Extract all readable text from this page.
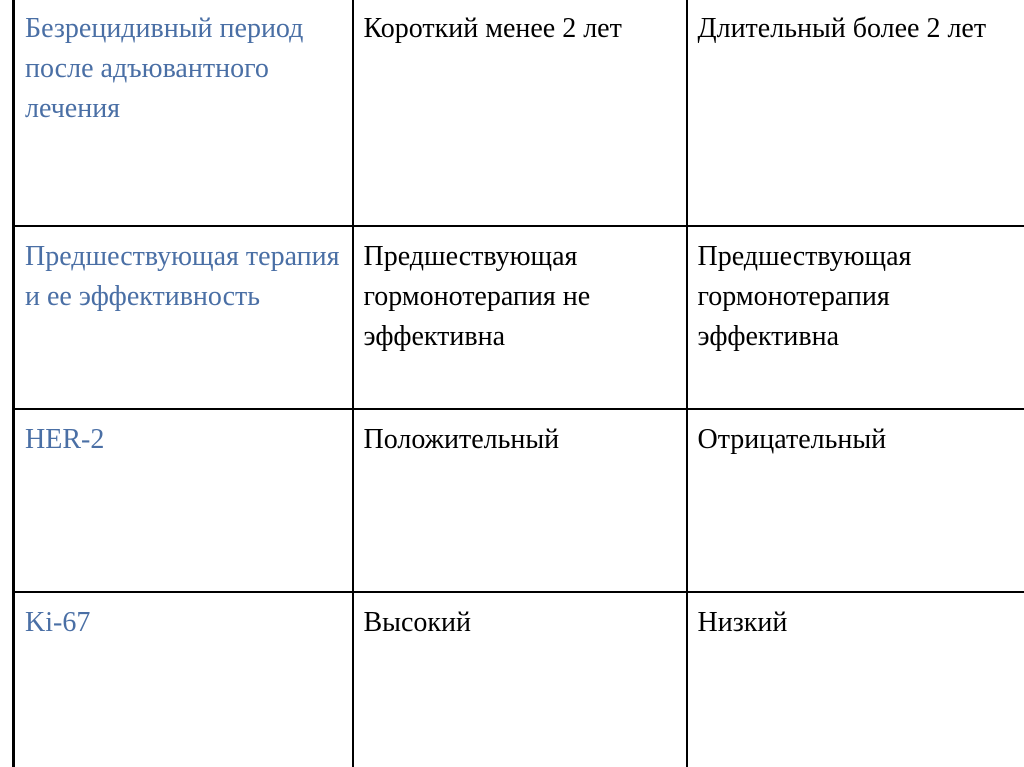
Безрецидивный период после адъювантного лечения	Короткий менее 2 лет	Длительный более 2 лет
Предшествующая терапия и ее эффективность	Предшествующая гормонотерапия не эффективна	Предшествующая гормонотерапия эффективна
HER-2	Положительный	Отрицательный
Ki-67	Высокий	Низкий
